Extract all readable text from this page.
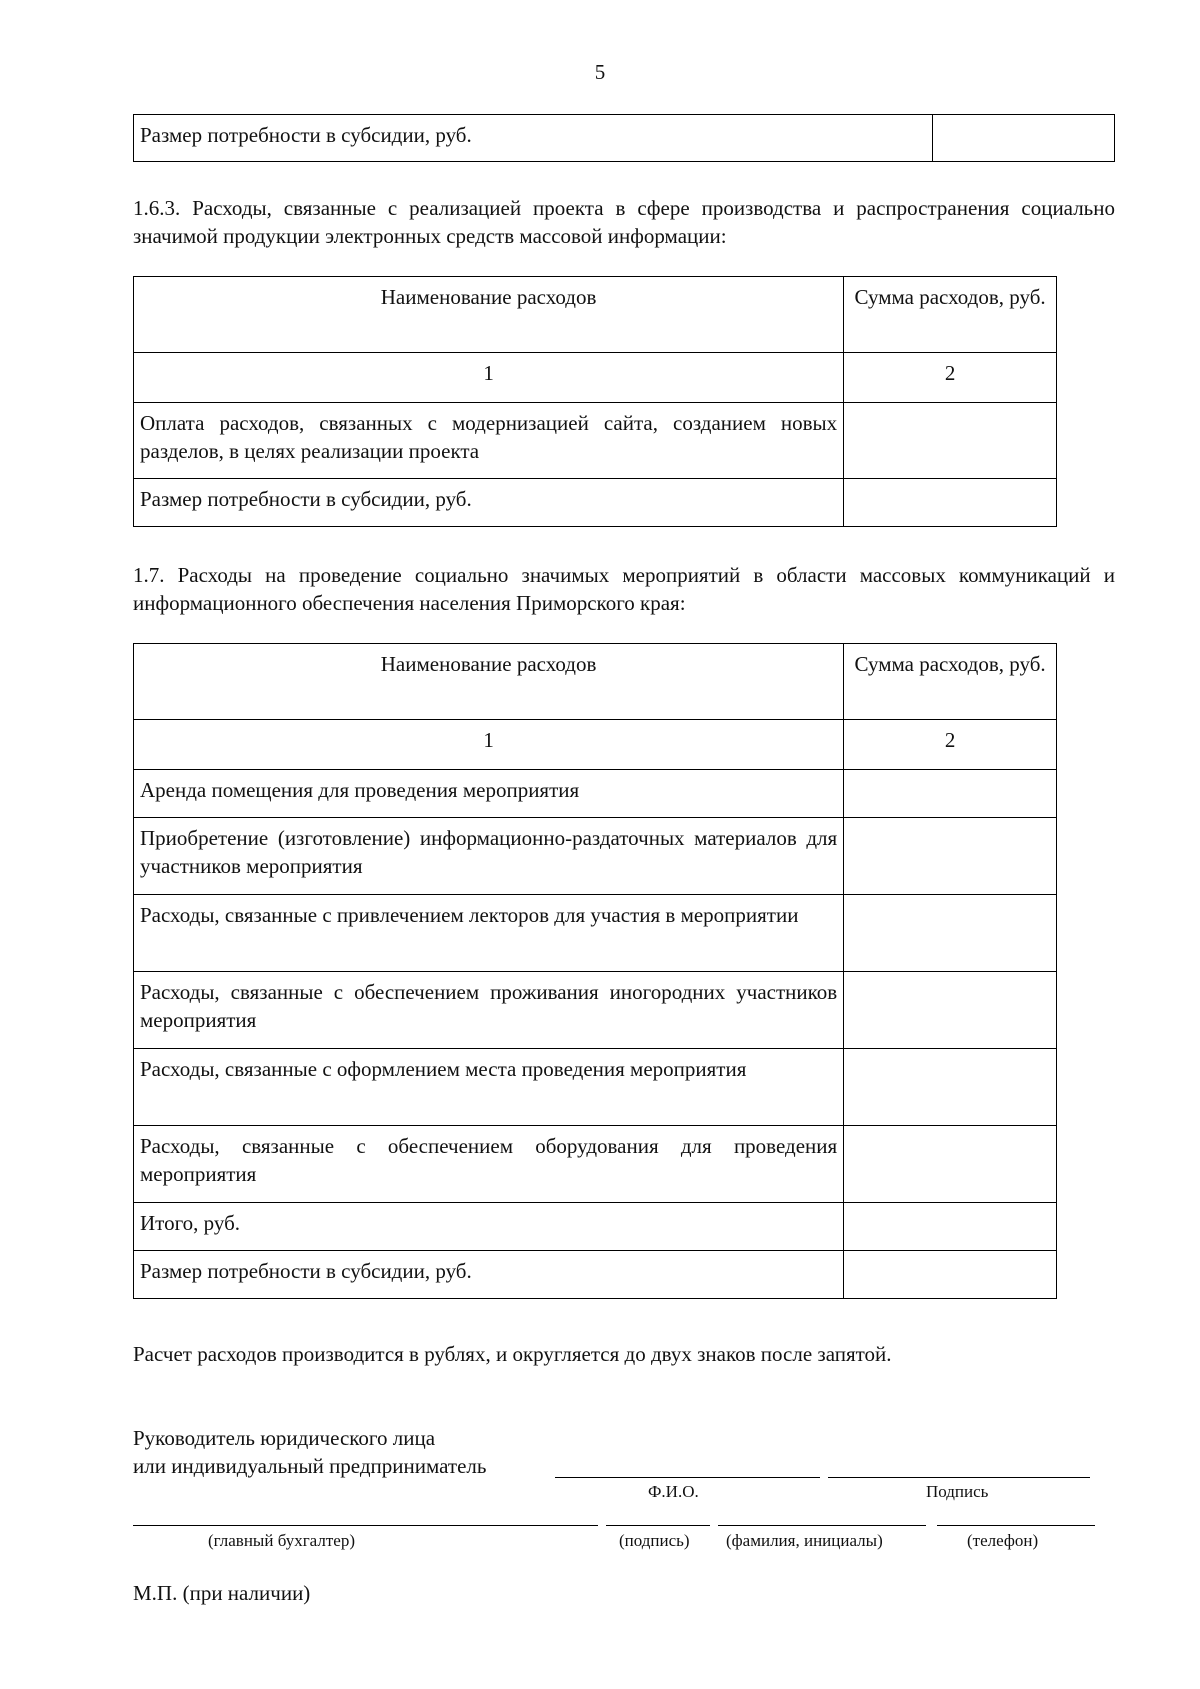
5
Размер потребности в субсидии, руб.	
1.6.3. Расходы, связанные с реализацией проекта в сфере производства и распространения социально значимой продукции электронных средств массовой информации:
Наименование расходов	Сумма расходов, руб.
1	2
Оплата расходов, связанных с модернизацией сайта, созданием новых разделов, в целях реализации проекта	
Размер потребности в субсидии, руб.	
1.7. Расходы на проведение социально значимых мероприятий в области массовых коммуникаций и информационного обеспечения населения Приморского края:
Наименование расходов	Сумма расходов, руб.
1	2
Аренда помещения для проведения мероприятия	
Приобретение (изготовление) информационно-раздаточных материалов для участников мероприятия	
Расходы, связанные с привлечением лекторов для участия в мероприятии	
Расходы, связанные с обеспечением проживания иногородних участников мероприятия	
Расходы, связанные с оформлением места проведения мероприятия	
Расходы, связанные с обеспечением оборудования для проведения мероприятия	
Итого, руб.	
Размер потребности в субсидии, руб.	
Расчет расходов производится в рублях, и округляется до двух знаков после запятой.
Руководитель юридического лица
или индивидуальный предприниматель
Ф.И.О.	Подпись
(главный бухгалтер)	(подпись) (фамилия, инициалы)	(телефон)
М.П. (при наличии)
